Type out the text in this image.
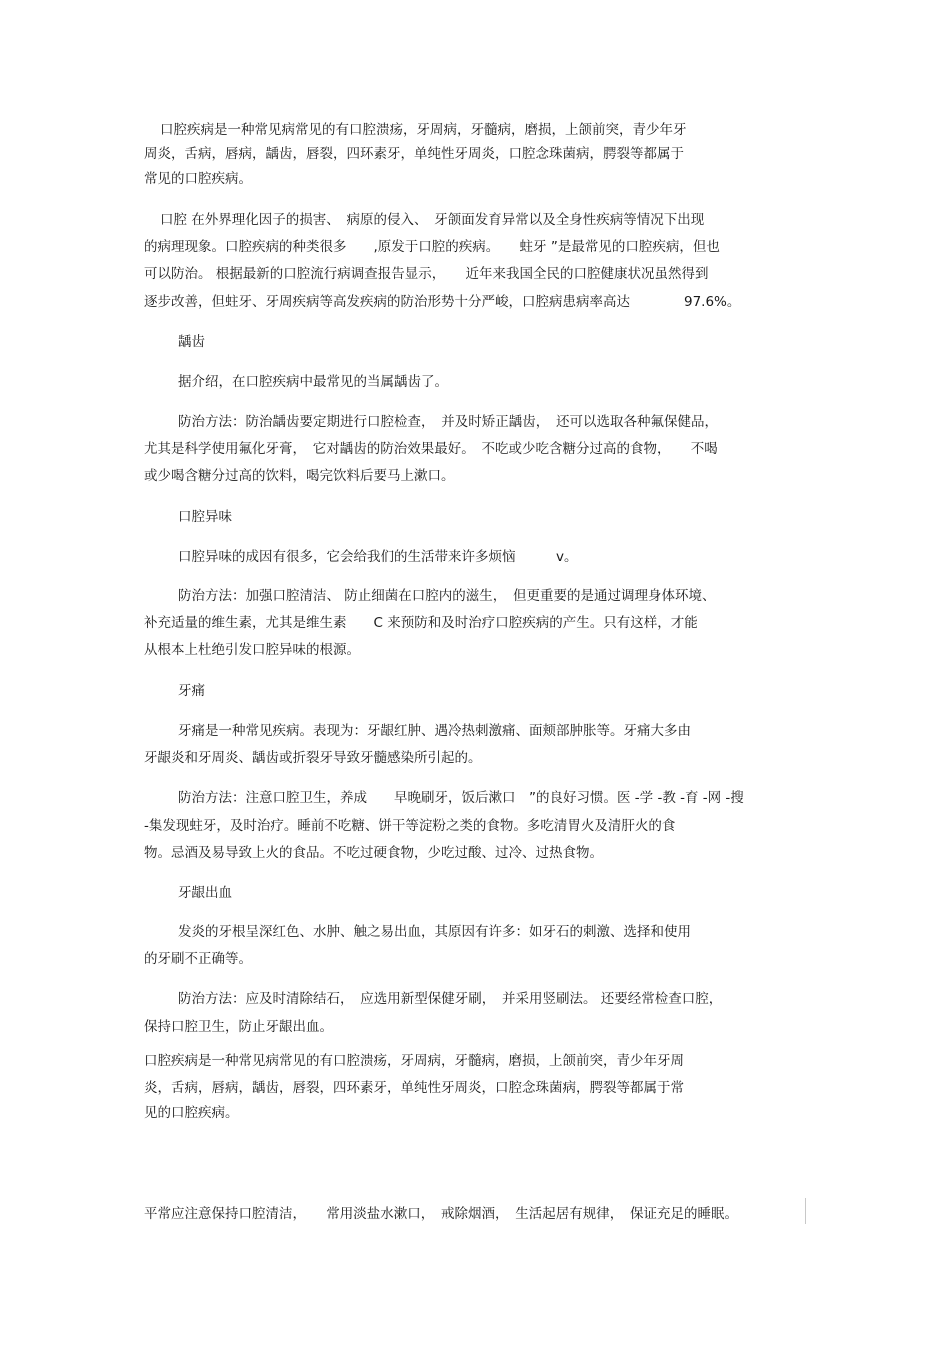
口腔疾病是一种常见病常见的有口腔溃疡，牙周病，牙髓病，磨损，上颌前突，青少年牙
周炎，舌病，唇病，龋齿，唇裂，四环素牙，单纯性牙周炎，口腔念珠菌病，腭裂等都属于
常见的口腔疾病。
口腔 在外界理化因子的损害、　病原的侵入、　牙颌面发育异常以及全身性疾病等情况下出现
的病理现象。口腔疾病的种类很多　　,原发于口腔的疾病。　　蛀牙 ”是最常见的口腔疾病，但也
可以防治。 根据最新的口腔流行病调查报告显示，　　近年来我国全民的口腔健康状况虽然得到
逐步改善，但蛀牙、牙周疾病等高发疾病的防治形势十分严峻，口腔病患病率高达　　　　97.6%。
龋齿
据介绍，在口腔疾病中最常见的当属龋齿了。
防治方法：防治龋齿要定期进行口腔检查，　并及时矫正龋齿，　还可以选取各种氟保健品，
尤其是科学使用氟化牙膏，　它对龋齿的防治效果最好。　不吃或少吃含糖分过高的食物，　　不喝
或少喝含糖分过高的饮料，喝完饮料后要马上漱口。
口腔异味
口腔异味的成因有很多，它会给我们的生活带来许多烦恼　　　v。
防治方法：加强口腔清洁、 防止细菌在口腔内的滋生，　但更重要的是通过调理身体环境、
补充适量的维生素，尤其是维生素　　C 来预防和及时治疗口腔疾病的产生。只有这样，才能
从根本上杜绝引发口腔异味的根源。
牙痛
牙痛是一种常见疾病。表现为：牙龈红肿、遇冷热刺激痛、面颊部肿胀等。牙痛大多由
牙龈炎和牙周炎、龋齿或折裂牙导致牙髓感染所引起的。
防治方法：注意口腔卫生，养成　　早晚刷牙，饭后漱口　”的良好习惯。医 -学 -教 -育 -网 -搜
-集发现蛀牙，及时治疗。睡前不吃糖、饼干等淀粉之类的食物。多吃清胃火及清肝火的食
物。忌酒及易导致上火的食品。不吃过硬食物，少吃过酸、过冷、过热食物。
牙龈出血
发炎的牙根呈深红色、水肿、触之易出血，其原因有许多：如牙石的刺激、选择和使用
的牙刷不正确等。
防治方法：应及时清除结石，　应选用新型保健牙刷，　并采用竖刷法。 还要经常检查口腔，
保持口腔卫生，防止牙龈出血。
口腔疾病是一种常见病常见的有口腔溃疡，牙周病，牙髓病，磨损，上颌前突，青少年牙周
炎，舌病，唇病，龋齿，唇裂，四环素牙，单纯性牙周炎，口腔念珠菌病，腭裂等都属于常
见的口腔疾病。
平常应注意保持口腔清洁，　　常用淡盐水漱口，　戒除烟酒，　生活起居有规律，　保证充足的睡眠。
